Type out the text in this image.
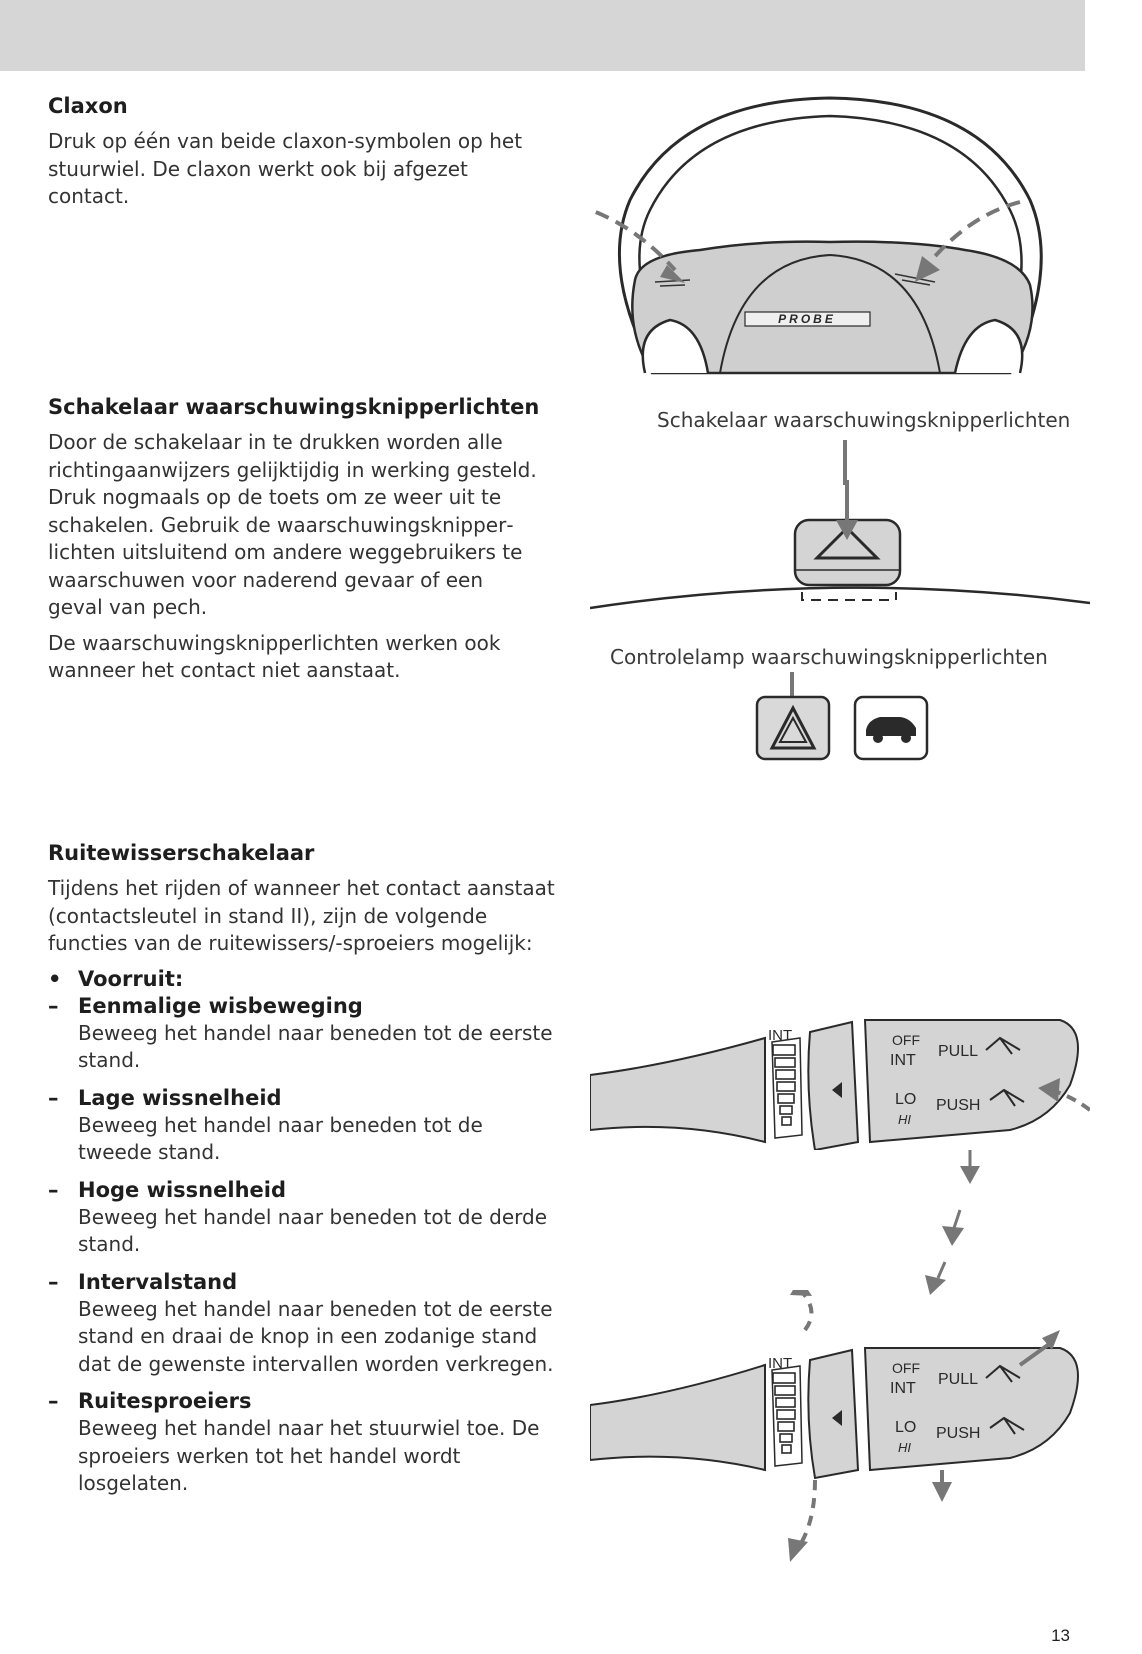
Claxon

Druk op één van beide claxon-symbolen op het stuurwiel. De claxon werkt ook bij afgezet contact.

Schakelaar waarschuwingsknipperlichten

Door de schakelaar in te drukken worden alle richtingaanwijzers gelijktijdig in werking gesteld. Druk nogmaals op de toets om ze weer uit te schakelen. Gebruik de waarschuwingsknipperlichten uitsluitend om andere weggebruikers te waarschuwen voor naderend gevaar of een geval van pech.

De waarschuwingsknipperlichten werken ook wanneer het contact niet aanstaat.

Ruitewisserschakelaar

Tijdens het rijden of wanneer het contact aanstaat (contactsleutel in stand II), zijn de volgende functies van de ruitewissers/-sproeiers mogelijk:

• Voorruit:
– Eenmalige wisbeweging
Beweeg het handel naar beneden tot de eerste stand.
– Lage wissnelheid
Beweeg het handel naar beneden tot de tweede stand.
– Hoge wissnelheid
Beweeg het handel naar beneden tot de derde stand.
– Intervalstand
Beweeg het handel naar beneden tot de eerste stand en draai de knop in een zodanige stand dat de gewenste intervallen worden verkregen.
– Ruitesproeiers
Beweeg het handel naar het stuurwiel toe. De sproeiers werken tot het handel wordt losgelaten.
PROBE
Schakelaar waarschuwingsknipperlichten
Controlelamp waarschuwingsknipperlichten
INT	OFF
INT
LO
HI
PULL
PUSH
INT	OFF
INT
LO
HI
PULL
PUSH
13
